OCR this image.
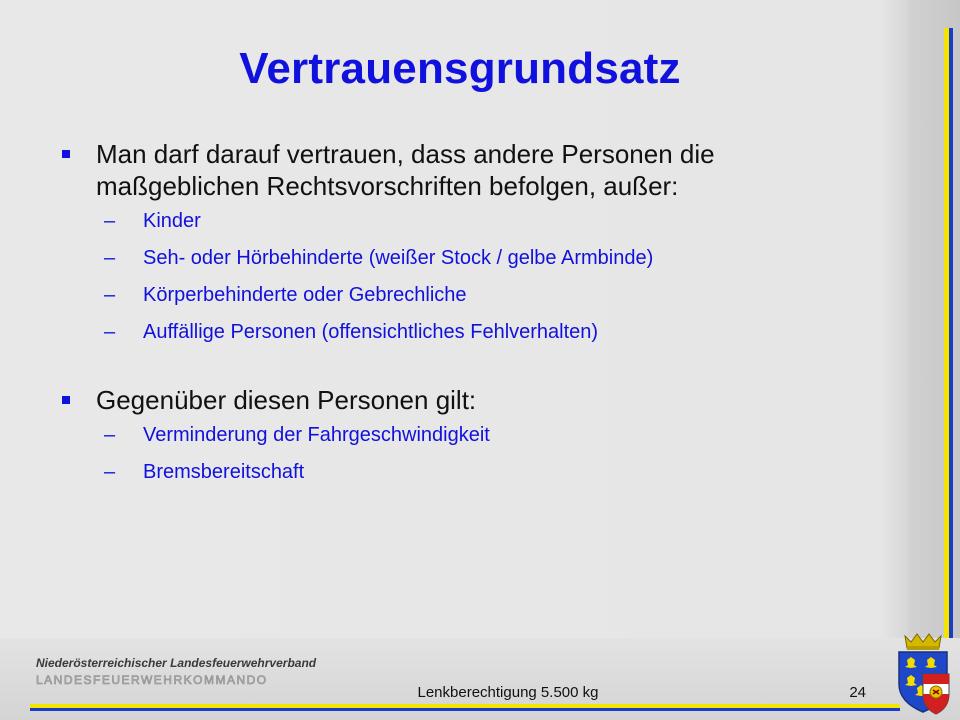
Vertrauensgrundsatz
Man darf darauf vertrauen, dass andere Personen die maßgeblichen Rechtsvorschriften befolgen, außer:
– Kinder
– Seh- oder Hörbehinderte (weißer Stock / gelbe Armbinde)
– Körperbehinderte oder Gebrechliche
– Auffällige Personen (offensichtliches Fehlverhalten)
Gegenüber diesen Personen gilt:
– Verminderung der Fahrgeschwindigkeit
– Bremsbereitschaft
Niederösterreichischer Landesfeuerwehrverband
LANDESFEUERWEHRKOMMANDO
Lenkberechtigung 5.500 kg	24
